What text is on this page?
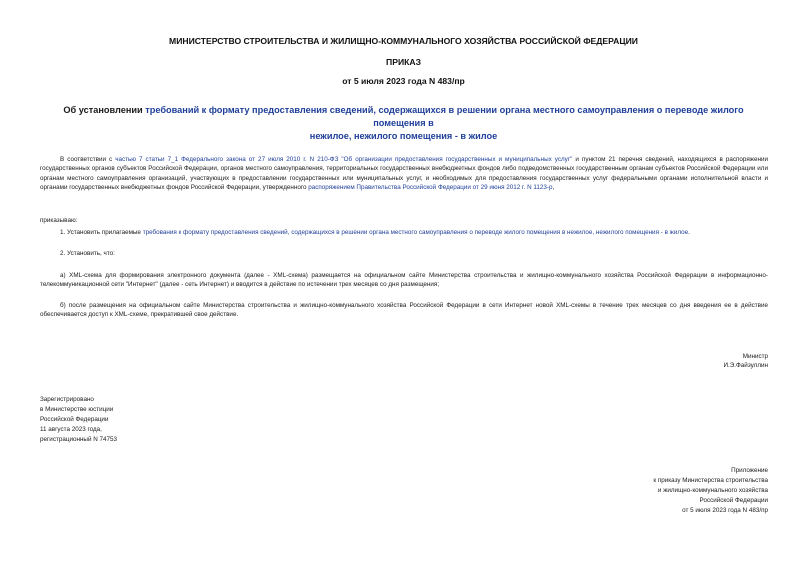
МИНИСТЕРСТВО СТРОИТЕЛЬСТВА И ЖИЛИЩНО-КОММУНАЛЬНОГО ХОЗЯЙСТВА РОССИЙСКОЙ ФЕДЕРАЦИИ
ПРИКАЗ
от 5 июля 2023 года N 483/пр
Об установлении требований к формату предоставления сведений, содержащихся в решении органа местного самоуправления о переводе жилого помещения в
нежилое, нежилого помещения - в жилое
В соответствии с частью 7 статьи 7_1 Федерального закона от 27 июля 2010 г. N 210-ФЗ "Об организации предоставления государственных и муниципальных услуг" и пунктом 21 перечня сведений, находящихся в распоряжении государственных органов субъектов Российской Федерации, органов местного самоуправления, территориальных государственных внебюджетных фондов либо подведомственных государственным органам субъектов Российской Федерации или органам местного самоуправления организаций, участвующих в предоставлении государственных или муниципальных услуг, и необходимых для предоставления государственных услуг федеральными органами исполнительной власти и органами государственных внебюджетных фондов Российской Федерации, утвержденного распоряжением Правительства Российской Федерации от 29 июня 2012 г. N 1123-р,
приказываю:
1. Установить прилагаемые требования к формату предоставления сведений, содержащихся в решении органа местного самоуправления о переводе жилого помещения в нежилое, нежилого помещения - в жилое.
2. Установить, что:
а) XML-схема для формирования электронного документа (далее - XML-схема) размещается на официальном сайте Министерства строительства и жилищно-коммунального хозяйства Российской Федерации в информационно-телекоммуникационной сети "Интернет" (далее - сеть Интернет) и вводится в действие по истечении трех месяцев со дня размещения;
б) после размещения на официальном сайте Министерства строительства и жилищно-коммунального хозяйства Российской Федерации в сети Интернет новой XML-схемы в течение трех месяцев со дня введения ее в действие обеспечивается доступ к XML-схеме, прекратившей свое действие.
Министр
И.Э.Файзуллин
Зарегистрировано
в Министерстве юстиции
Российской Федерации
11 августа 2023 года,
регистрационный N 74753
Приложение
к приказу Министерства строительства
и жилищно-коммунального хозяйства
Российской Федерации
от 5 июля 2023 года N 483/пр
